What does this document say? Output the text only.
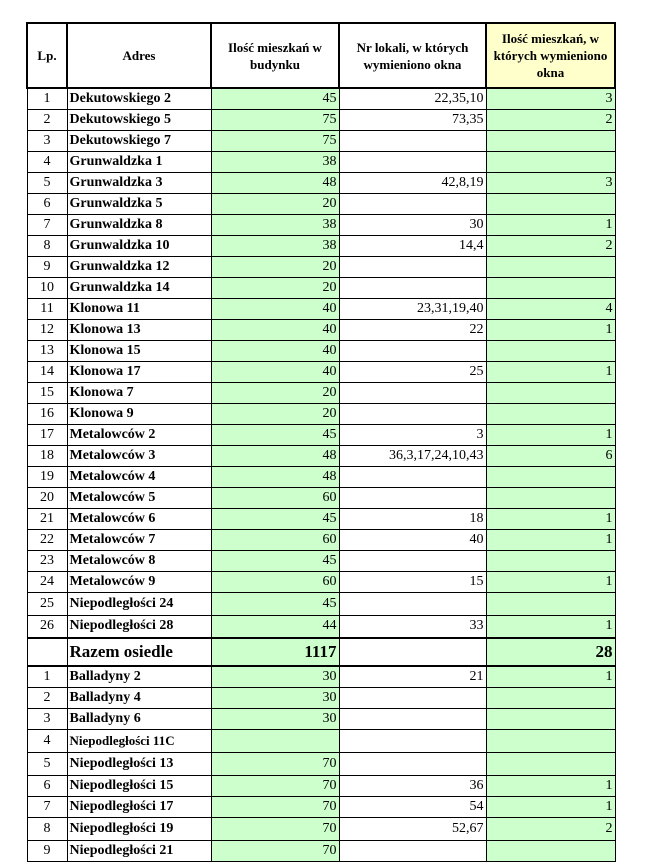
Lp.	Adres	Ilość mieszkań w budynku	Nr lokali, w których wymieniono okna	Ilość mieszkań, w których wymieniono okna
1	Dekutowskiego 2	45	22,35,10	3
2	Dekutowskiego 5	75	73,35	2
3	Dekutowskiego 7	75		
4	Grunwaldzka 1	38		
5	Grunwaldzka 3	48	42,8,19	3
6	Grunwaldzka 5	20		
7	Grunwaldzka 8	38	30	1
8	Grunwaldzka 10	38	14,4	2
9	Grunwaldzka 12	20		
10	Grunwaldzka 14	20		
11	Klonowa 11	40	23,31,19,40	4
12	Klonowa 13	40	22	1
13	Klonowa 15	40		
14	Klonowa 17	40	25	1
15	Klonowa 7	20		
16	Klonowa 9	20		
17	Metalowców 2	45	3	1
18	Metalowców 3	48	36,3,17,24,10,43	6
19	Metalowców 4	48		
20	Metalowców 5	60		
21	Metalowców 6	45	18	1
22	Metalowców 7	60	40	1
23	Metalowców 8	45		
24	Metalowców 9	60	15	1
25	Niepodległości 24	45		
26	Niepodległości 28	44	33	1
	Razem osiedle	1117		28
1	Balladyny 2	30	21	1
2	Balladyny 4	30		
3	Balladyny 6	30		
4	Niepodległości 11C			
5	Niepodległości 13	70		
6	Niepodległości 15	70	36	1
7	Niepodległości 17	70	54	1
8	Niepodległości 19	70	52,67	2
9	Niepodległości 21	70		
